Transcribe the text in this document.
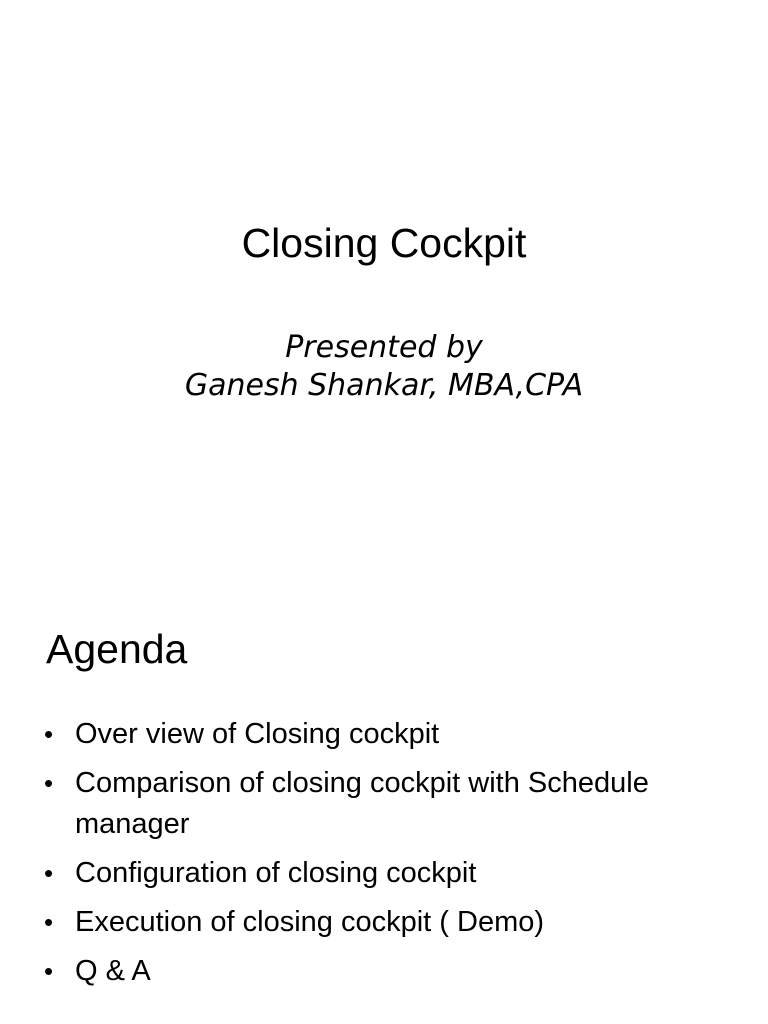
Closing Cockpit
Presented by
Ganesh Shankar, MBA,CPA
Agenda
• Over view of Closing cockpit
• Comparison of closing cockpit with Schedule manager
• Configuration of closing cockpit
• Execution of closing cockpit ( Demo)
• Q & A
